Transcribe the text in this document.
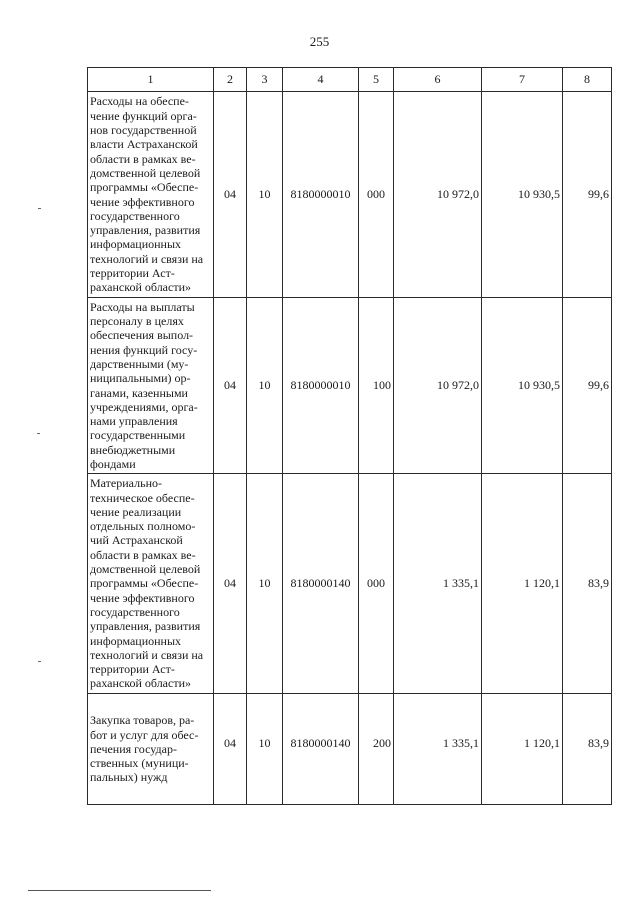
255
1	2	3	4	5	6	7	8
Расходы на обеспе-чение функций орга-нов государственной власти Астраханской области в рамках ве-домственной целевой программы «Обеспе-чение эффективного государственного управления, развития информационных технологий и связи на территории Аст-раханской области»	04	10	8180000010	000	10 972,0	10 930,5	99,6
Расходы на выплаты персоналу в целях обеспечения выпол-нения функций госу-дарственными (му-ниципальными) ор-ганами, казенными учреждениями, орга-нами управления государственными внебюджетными фондами	04	10	8180000010	100	10 972,0	10 930,5	99,6
Материально-техническое обеспе-чение реализации отдельных полномо-чий Астраханской области в рамках ве-домственной целевой программы «Обеспе-чение эффективного государственного управления, развития информационных технологий и связи на территории Аст-раханской области»	04	10	8180000140	000	1 335,1	1 120,1	83,9
Закупка товаров, ра-бот и услуг для обес-печения государ-ственных (муници-пальных) нужд	04	10	8180000140	200	1 335,1	1 120,1	83,9
